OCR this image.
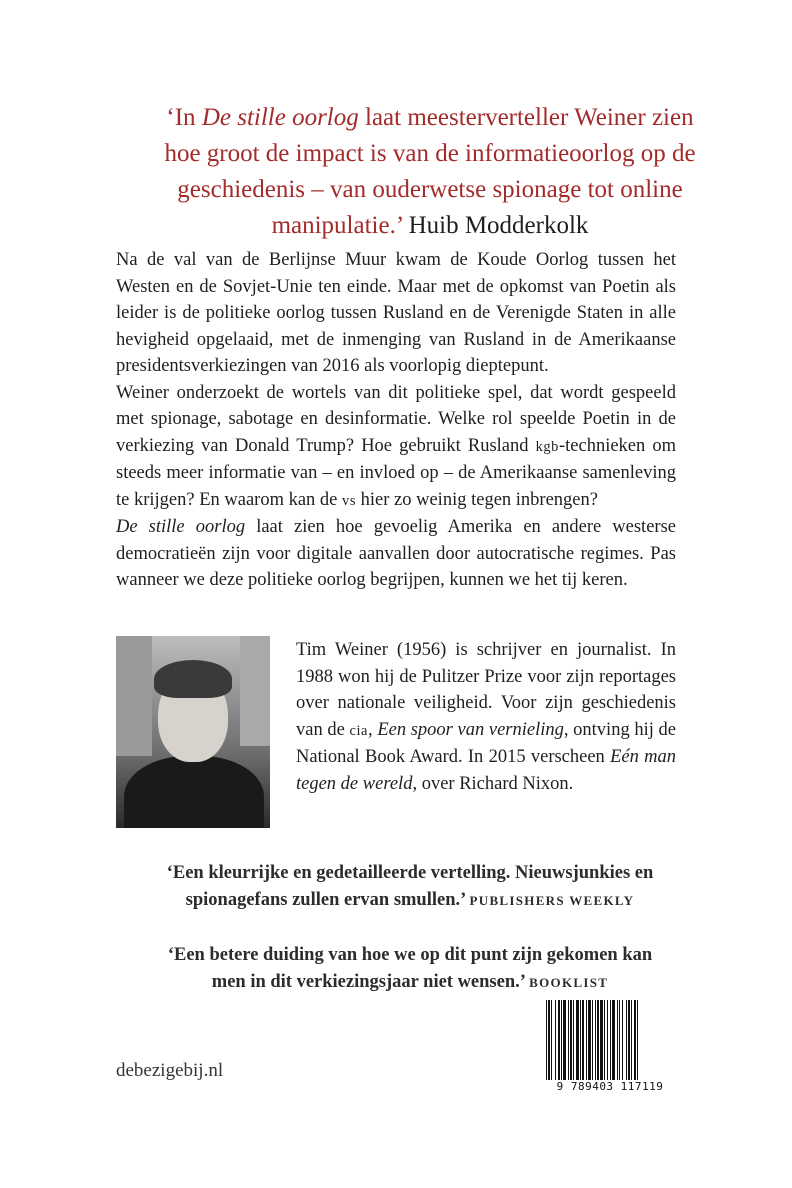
‘In De stille oorlog laat meesterverteller Weiner zien hoe groot de impact is van de informatieoorlog op de geschiedenis – van ouderwetse spionage tot online manipulatie.’ Huib Modderkolk

Na de val van de Berlijnse Muur kwam de Koude Oorlog tussen het Westen en de Sovjet-Unie ten einde. Maar met de opkomst van Poetin als leider is de politieke oorlog tussen Rusland en de Verenigde Staten in alle hevigheid opgelaaid, met de inmenging van Rusland in de Amerikaanse presidentsverkiezingen van 2016 als voorlopig dieptepunt.

Weiner onderzoekt de wortels van dit politieke spel, dat wordt gespeeld met spionage, sabotage en desinformatie. Welke rol speelde Poetin in de verkiezing van Donald Trump? Hoe gebruikt Rusland kgb-technieken om steeds meer informatie van – en invloed op – de Amerikaanse samenleving te krijgen? En waarom kan de vs hier zo weinig tegen inbrengen?

De stille oorlog laat zien hoe gevoelig Amerika en andere westerse democratieën zijn voor digitale aanvallen door autocratische regimes. Pas wanneer we deze politieke oorlog begrijpen, kunnen we het tij keren.

Tim Weiner (1956) is schrijver en journalist. In 1988 won hij de Pulitzer Prize voor zijn reportages over nationale veiligheid. Voor zijn geschiedenis van de cia, Een spoor van vernieling, ontving hij de National Book Award. In 2015 verscheen Eén man tegen de wereld, over Richard Nixon.

‘Een kleurrijke en gedetailleerde vertelling. Nieuwsjunkies en spionagefans zullen ervan smullen.’ PUBLISHERS WEEKLY
‘Een betere duiding van hoe we op dit punt zijn gekomen kan men in dit verkiezingsjaar niet wensen.’ BOOKLIST
debezigebij.nl
9 789403 117119
